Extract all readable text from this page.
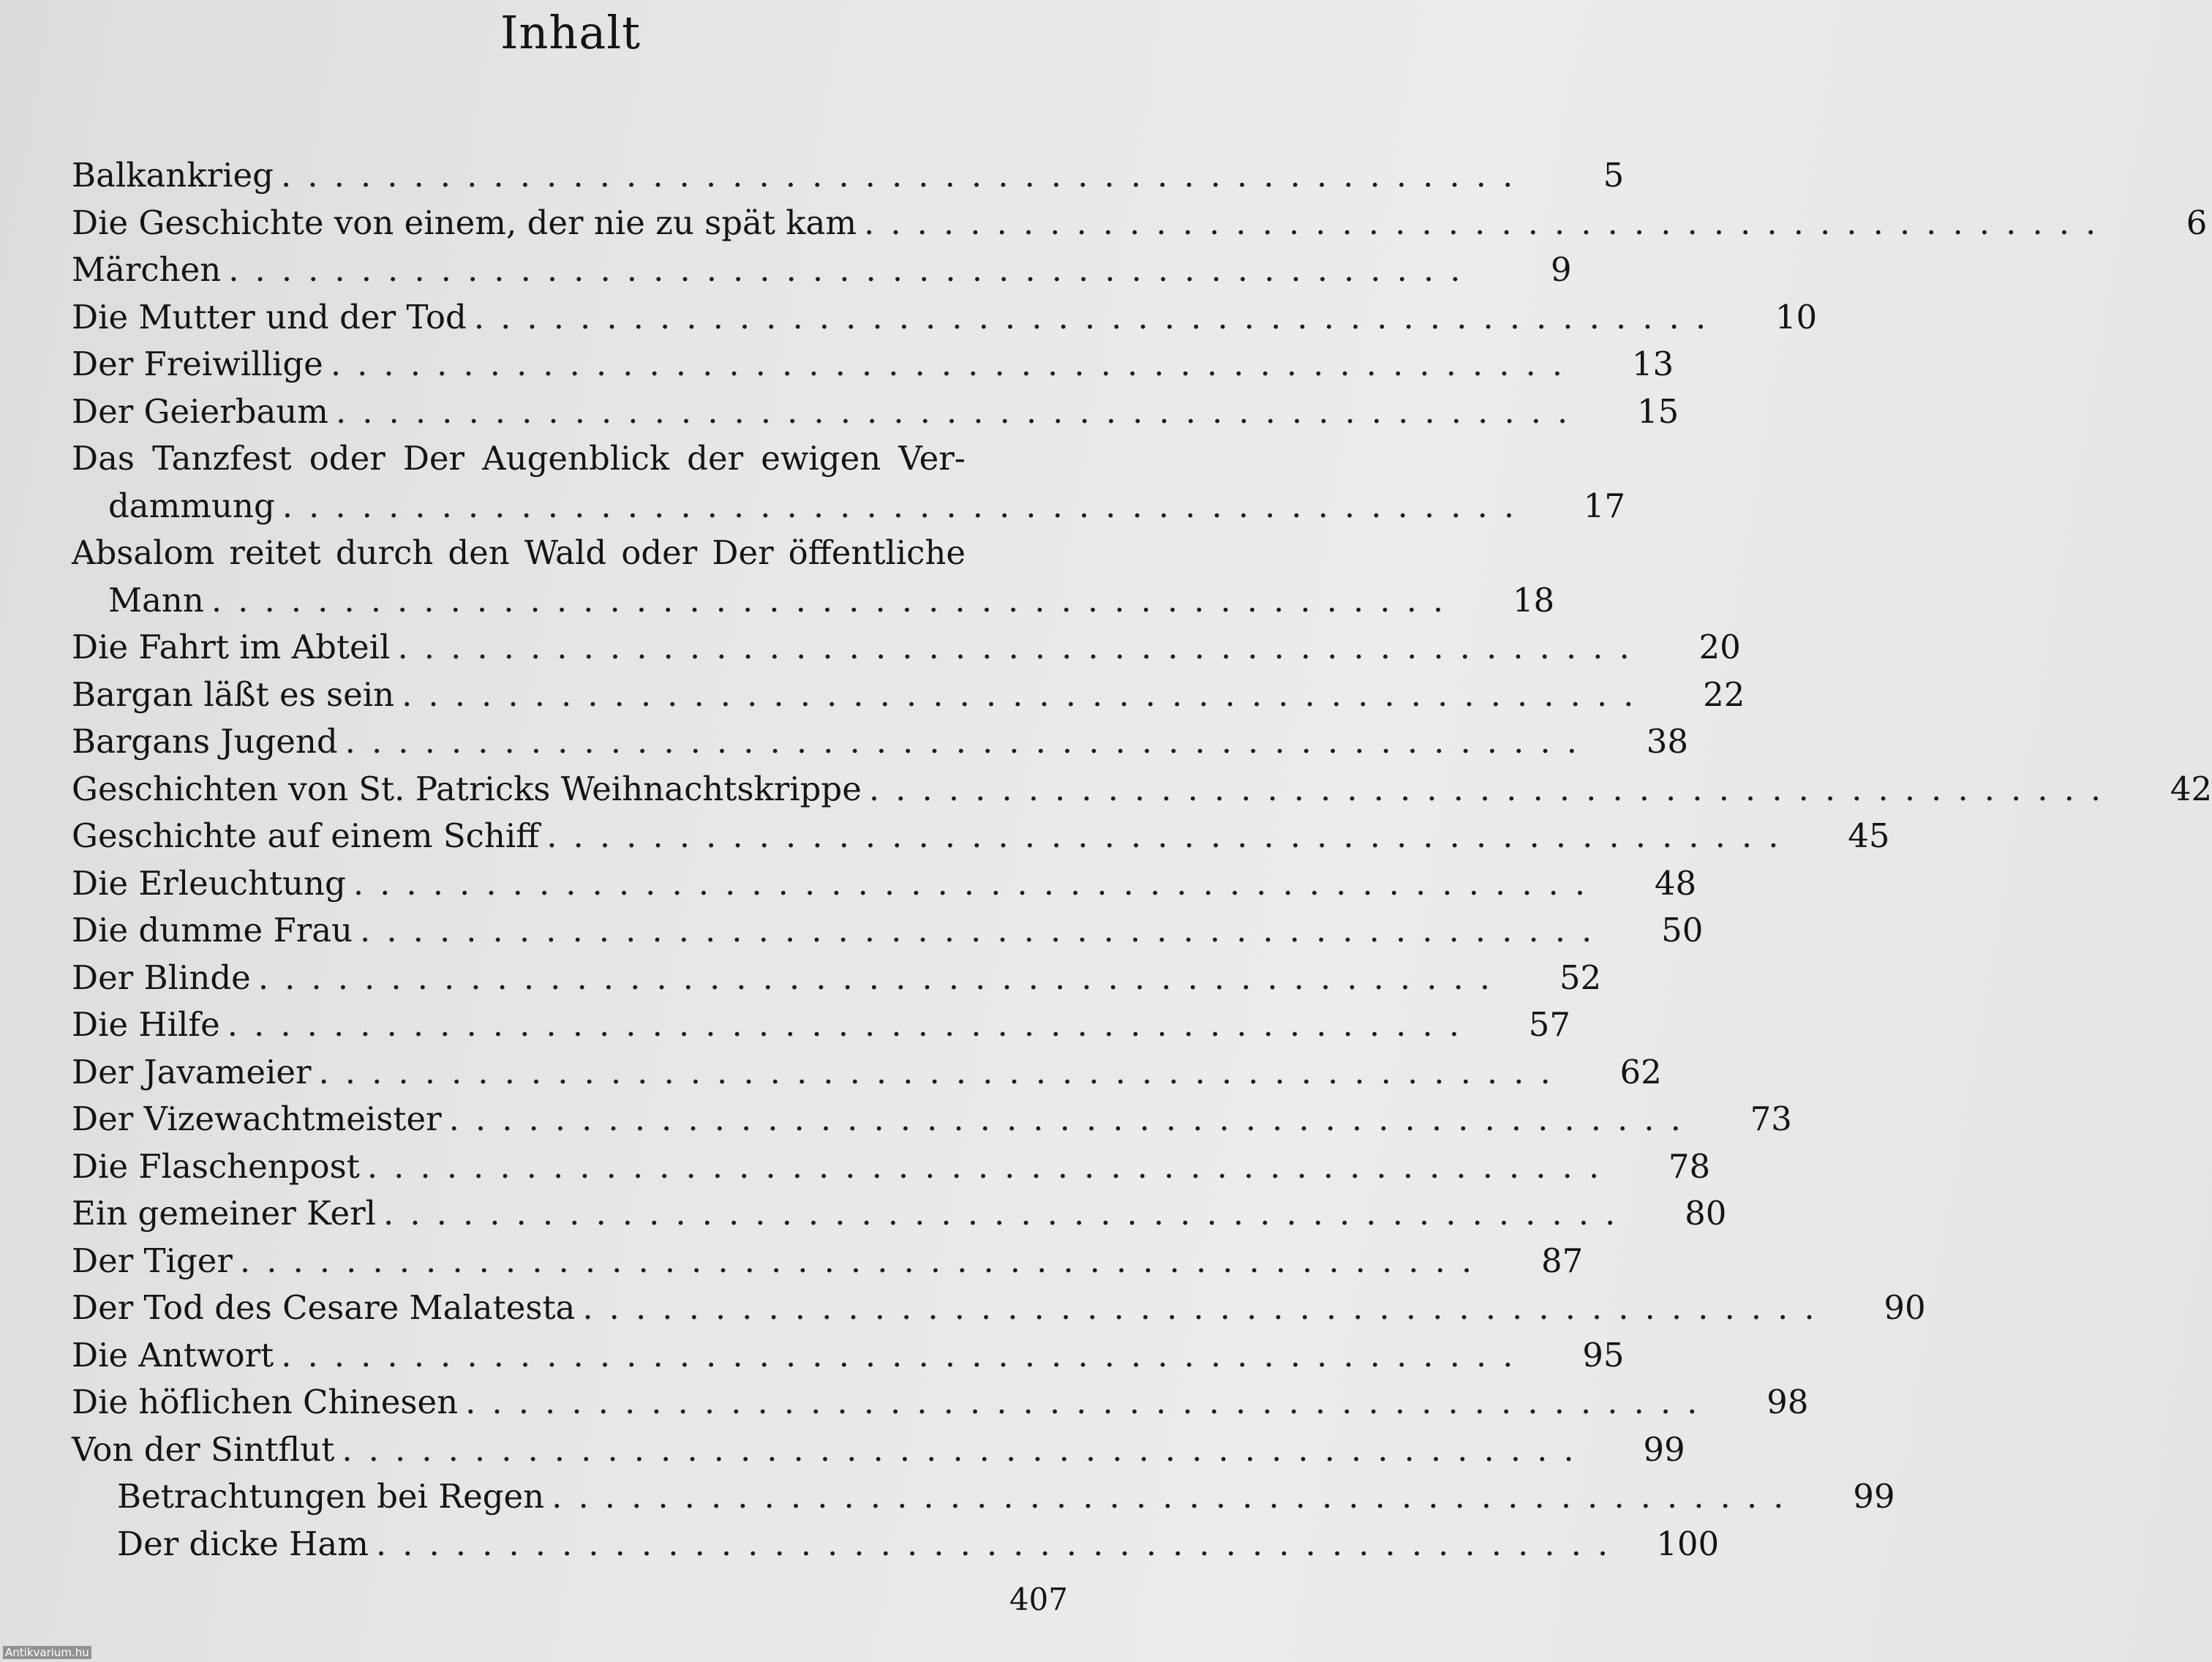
Inhalt
Balkankrieg ...............................................	5
Die Geschichte von einem, der nie zu spät kam ...............................................	6
Märchen ...............................................	9
Die Mutter und der Tod ...............................................	10
Der Freiwillige ...............................................	13
Der Geierbaum ...............................................	15
Das Tanzfest oder Der Augenblick der ewigen Ver-
dammung ...............................................	17
Absalom reitet durch den Wald oder Der öffentliche
Mann ...............................................	18
Die Fahrt im Abteil ...............................................	20
Bargan läßt es sein ...............................................	22
Bargans Jugend ...............................................	38
Geschichten von St. Patricks Weihnachtskrippe ...............................................	42
Geschichte auf einem Schiff ...............................................	45
Die Erleuchtung ...............................................	48
Die dumme Frau ...............................................	50
Der Blinde ...............................................	52
Die Hilfe ...............................................	57
Der Javameier ...............................................	62
Der Vizewachtmeister ...............................................	73
Die Flaschenpost ...............................................	78
Ein gemeiner Kerl ...............................................	80
Der Tiger ...............................................	87
Der Tod des Cesare Malatesta ...............................................	90
Die Antwort ...............................................	95
Die höflichen Chinesen ...............................................	98
Von der Sintflut ...............................................	99
Betrachtungen bei Regen ...............................................	99
Der dicke Ham ............................................... 100
407
Antikvarium.hu
